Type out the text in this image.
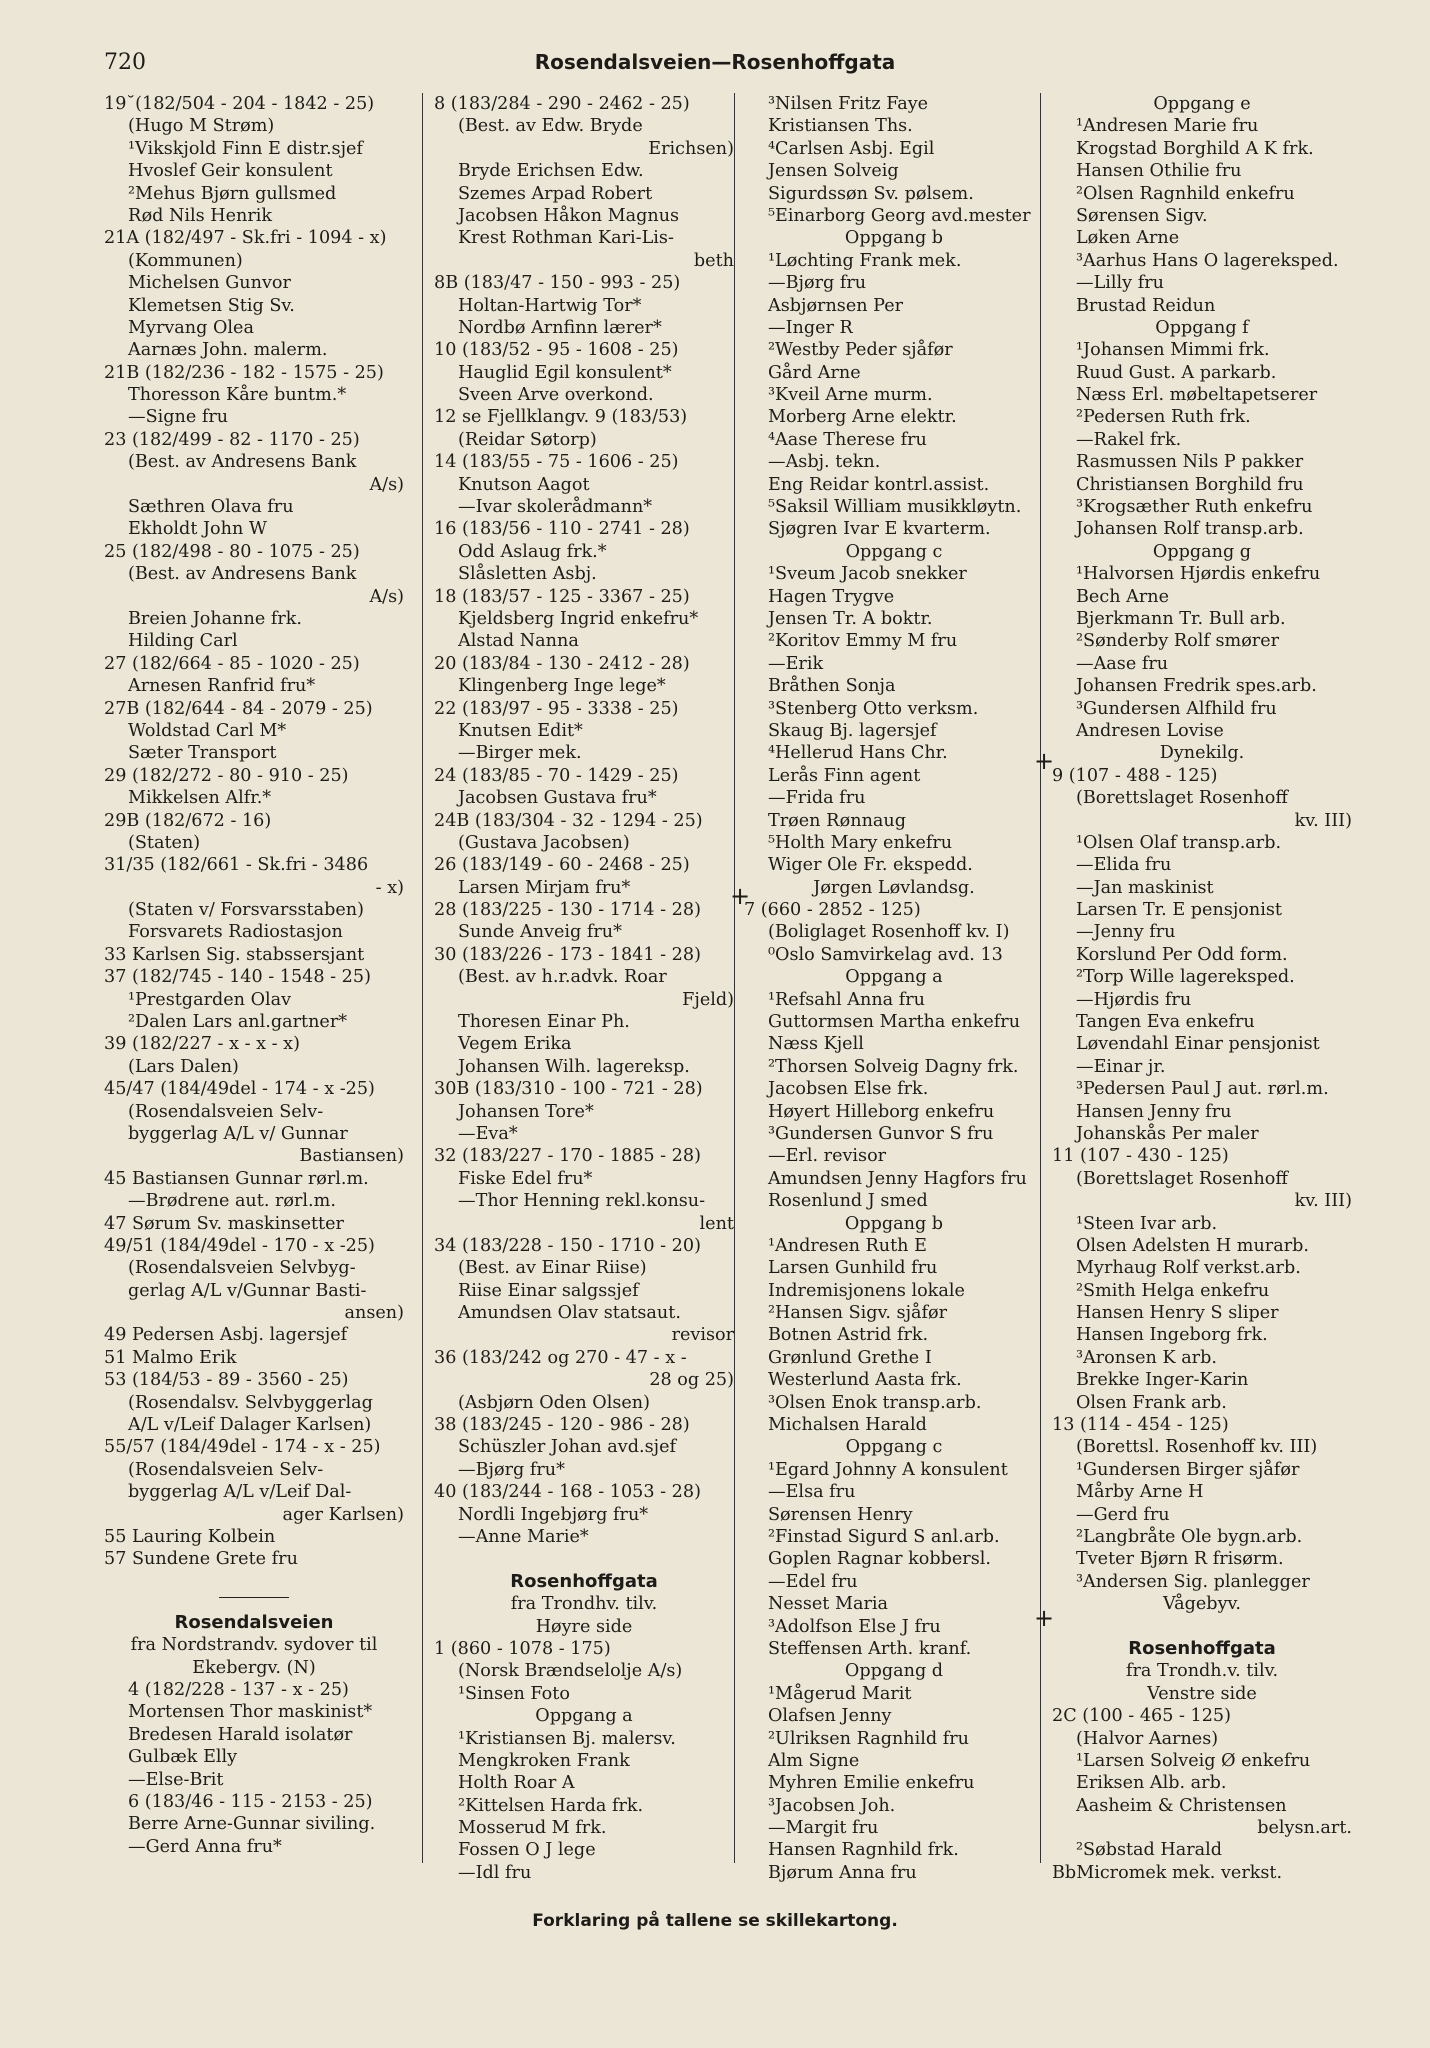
720	Rosendalsveien—Rosenhoffgata
19˘(182/504 - 204 - 1842 - 25)
(Hugo M Strøm)
¹Vikskjold Finn E distr.sjef
Hvoslef Geir konsulent
²Mehus Bjørn gullsmed
Rød Nils Henrik
21A (182/497 - Sk.fri - 1094 - x)
(Kommunen)
Michelsen Gunvor
Klemetsen Stig Sv.
Myrvang Olea
Aarnæs John. malerm.
21B (182/236 - 182 - 1575 - 25)
Thoresson Kåre buntm.*
—Signe fru
23 (182/499 - 82 - 1170 - 25)
(Best. av Andresens Bank
A/s)
Sæthren Olava fru
Ekholdt John W
25 (182/498 - 80 - 1075 - 25)
(Best. av Andresens Bank
A/s)
Breien Johanne frk.
Hilding Carl
27 (182/664 - 85 - 1020 - 25)
Arnesen Ranfrid fru*
27B (182/644 - 84 - 2079 - 25)
Woldstad Carl M*
Sæter Transport
29 (182/272 - 80 - 910 - 25)
Mikkelsen Alfr.*
29B (182/672 - 16)
(Staten)
31/35 (182/661 - Sk.fri - 3486
- x)
(Staten v/ Forsvarsstaben)
Forsvarets Radiostasjon
33 Karlsen Sig. stabssersjant
37 (182/745 - 140 - 1548 - 25)
¹Prestgarden Olav
²Dalen Lars anl.gartner*
39 (182/227 - x - x - x)
(Lars Dalen)
45/47 (184/49del - 174 - x -25)
(Rosendalsveien Selv-
byggerlag A/L v/ Gunnar
Bastiansen)
45 Bastiansen Gunnar rørl.m.
—Brødrene aut. rørl.m.
47 Sørum Sv. maskinsetter
49/51 (184/49del - 170 - x -25)
(Rosendalsveien Selvbyg-
gerlag A/L v/Gunnar Basti-
ansen)
49 Pedersen Asbj. lagersjef
51 Malmo Erik
53 (184/53 - 89 - 3560 - 25)
(Rosendalsv. Selvbyggerlag
A/L v/Leif Dalager Karlsen)
55/57 (184/49del - 174 - x - 25)
(Rosendalsveien Selv-
byggerlag A/L v/Leif Dal-
ager Karlsen)
55 Lauring Kolbein
57 Sundene Grete fru
Rosendalsveien
fra Nordstrandv. sydover til
Ekebergv. (N)
4 (182/228 - 137 - x - 25)
Mortensen Thor maskinist*
Bredesen Harald isolatør
Gulbæk Elly
—Else-Brit
6 (183/46 - 115 - 2153 - 25)
Berre Arne-Gunnar siviling.
—Gerd Anna fru*
8 (183/284 - 290 - 2462 - 25)
(Best. av Edw. Bryde
Erichsen)
Bryde Erichsen Edw.
Szemes Arpad Robert
Jacobsen Håkon Magnus
Krest Rothman Kari-Lis-
beth
8B (183/47 - 150 - 993 - 25)
Holtan-Hartwig Tor*
Nordbø Arnfinn lærer*
10 (183/52 - 95 - 1608 - 25)
Hauglid Egil konsulent*
Sveen Arve overkond.
12 se Fjellklangv. 9 (183/53)
(Reidar Søtorp)
14 (183/55 - 75 - 1606 - 25)
Knutson Aagot
—Ivar skolerådmann*
16 (183/56 - 110 - 2741 - 28)
Odd Aslaug frk.*
Slåsletten Asbj.
18 (183/57 - 125 - 3367 - 25)
Kjeldsberg Ingrid enkefru*
Alstad Nanna
20 (183/84 - 130 - 2412 - 28)
Klingenberg Inge lege*
22 (183/97 - 95 - 3338 - 25)
Knutsen Edit*
—Birger mek.
24 (183/85 - 70 - 1429 - 25)
Jacobsen Gustava fru*
24B (183/304 - 32 - 1294 - 25)
(Gustava Jacobsen)
26 (183/149 - 60 - 2468 - 25)
Larsen Mirjam fru*
28 (183/225 - 130 - 1714 - 28)
Sunde Anveig fru*
30 (183/226 - 173 - 1841 - 28)
(Best. av h.r.advk. Roar
Fjeld)
Thoresen Einar Ph.
Vegem Erika
Johansen Wilh. lagereksp.
30B (183/310 - 100 - 721 - 28)
Johansen Tore*
—Eva*
32 (183/227 - 170 - 1885 - 28)
Fiske Edel fru*
—Thor Henning rekl.konsu-
lent
34 (183/228 - 150 - 1710 - 20)
(Best. av Einar Riise)
Riise Einar salgssjef
Amundsen Olav statsaut.
revisor
36 (183/242 og 270 - 47 - x -
28 og 25)
(Asbjørn Oden Olsen)
38 (183/245 - 120 - 986 - 28)
Schüszler Johan avd.sjef
—Bjørg fru*
40 (183/244 - 168 - 1053 - 28)
Nordli Ingebjørg fru*
—Anne Marie*
Rosenhoffgata
fra Trondhv. tilv.
Høyre side
1 (860 - 1078 - 175)
(Norsk Brændselolje A/s)
¹Sinsen Foto
Oppgang a
¹Kristiansen Bj. malersv.
Mengkroken Frank
Holth Roar A
²Kittelsen Harda frk.
Mosserud M frk.
Fossen O J lege
—Idl fru
³Nilsen Fritz Faye
Kristiansen Ths.
⁴Carlsen Asbj. Egil
Jensen Solveig
Sigurdssøn Sv. pølsem.
⁵Einarborg Georg avd.mester
Oppgang b
¹Løchting Frank mek.
—Bjørg fru
Asbjørnsen Per
—Inger R
²Westby Peder sjåfør
Gård Arne
³Kveil Arne murm.
Morberg Arne elektr.
⁴Aase Therese fru
—Asbj. tekn.
Eng Reidar kontrl.assist.
⁵Saksil William musikkløytn.
Sjøgren Ivar E kvarterm.
Oppgang c
¹Sveum Jacob snekker
Hagen Trygve
Jensen Tr. A boktr.
²Koritov Emmy M fru
—Erik
Bråthen Sonja
³Stenberg Otto verksm.
Skaug Bj. lagersjef
⁴Hellerud Hans Chr.
Lerås Finn agent
—Frida fru
Trøen Rønnaug
⁵Holth Mary enkefru
Wiger Ole Fr. ekspedd.
Jørgen Løvlandsg.
7 (660 - 2852 - 125)
(Boliglaget Rosenhoff kv. I)
⁰Oslo Samvirkelag avd. 13
Oppgang a
¹Refsahl Anna fru
Guttormsen Martha enkefru
Næss Kjell
²Thorsen Solveig Dagny frk.
Jacobsen Else frk.
Høyert Hilleborg enkefru
³Gundersen Gunvor S fru
—Erl. revisor
Amundsen Jenny Hagfors fru
Rosenlund J smed
Oppgang b
¹Andresen Ruth E
Larsen Gunhild fru
Indremisjonens lokale
²Hansen Sigv. sjåfør
Botnen Astrid frk.
Grønlund Grethe I
Westerlund Aasta frk.
³Olsen Enok transp.arb.
Michalsen Harald
Oppgang c
¹Egard Johnny A konsulent
—Elsa fru
Sørensen Henry
²Finstad Sigurd S anl.arb.
Goplen Ragnar kobbersl.
—Edel fru
Nesset Maria
³Adolfson Else J fru
Steffensen Arth. kranf.
Oppgang d
¹Mågerud Marit
Olafsen Jenny
²Ulriksen Ragnhild fru
Alm Signe
Myhren Emilie enkefru
³Jacobsen Joh.
—Margit fru
Hansen Ragnhild frk.
Bjørum Anna fru
Oppgang e
¹Andresen Marie fru
Krogstad Borghild A K frk.
Hansen Othilie fru
²Olsen Ragnhild enkefru
Sørensen Sigv.
Løken Arne
³Aarhus Hans O lagereksped.
—Lilly fru
Brustad Reidun
Oppgang f
¹Johansen Mimmi frk.
Ruud Gust. A parkarb.
Næss Erl. møbeltapetserer
²Pedersen Ruth frk.
—Rakel frk.
Rasmussen Nils P pakker
Christiansen Borghild fru
³Krogsæther Ruth enkefru
Johansen Rolf transp.arb.
Oppgang g
¹Halvorsen Hjørdis enkefru
Bech Arne
Bjerkmann Tr. Bull arb.
²Sønderby Rolf smører
—Aase fru
Johansen Fredrik spes.arb.
³Gundersen Alfhild fru
Andresen Lovise
Dynekilg.
9 (107 - 488 - 125)
(Borettslaget Rosenhoff
kv. III)
¹Olsen Olaf transp.arb.
—Elida fru
—Jan maskinist
Larsen Tr. E pensjonist
—Jenny fru
Korslund Per Odd form.
²Torp Wille lagereksped.
—Hjørdis fru
Tangen Eva enkefru
Løvendahl Einar pensjonist
—Einar jr.
³Pedersen Paul J aut. rørl.m.
Hansen Jenny fru
Johanskås Per maler
11 (107 - 430 - 125)
(Borettslaget Rosenhoff
kv. III)
¹Steen Ivar arb.
Olsen Adelsten H murarb.
Myrhaug Rolf verkst.arb.
²Smith Helga enkefru
Hansen Henry S sliper
Hansen Ingeborg frk.
³Aronsen K arb.
Brekke Inger-Karin
Olsen Frank arb.
13 (114 - 454 - 125)
(Borettsl. Rosenhoff kv. III)
¹Gundersen Birger sjåfør
Mårby Arne H
—Gerd fru
²Langbråte Ole bygn.arb.
Tveter Bjørn R frisørm.
³Andersen Sig. planlegger
Vågebyv.
Rosenhoffgata
fra Trondh.v. tilv.
Venstre side
2C (100 - 465 - 125)
(Halvor Aarnes)
¹Larsen Solveig Ø enkefru
Eriksen Alb. arb.
Aasheim & Christensen
belysn.art.
²Søbstad Harald
BbMicromek mek. verkst.
+
+
+
Forklaring på tallene se skillekartong.
